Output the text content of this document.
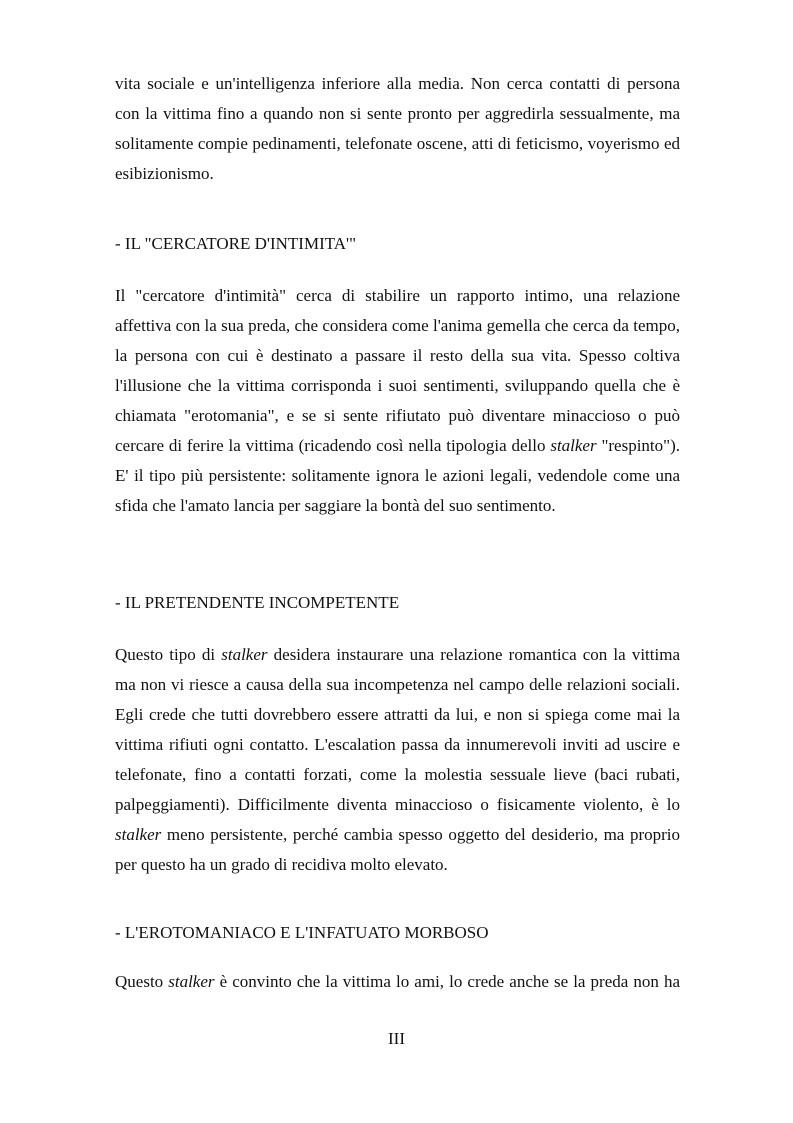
vita sociale e un'intelligenza inferiore alla media. Non cerca contatti di persona con la vittima fino a quando non si sente pronto per aggredirla sessualmente, ma solitamente compie pedinamenti, telefonate oscene, atti di feticismo, voyerismo ed esibizionismo.

- IL "CERCATORE D'INTIMITA'"

Il "cercatore d'intimità" cerca di stabilire un rapporto intimo, una relazione affettiva con la sua preda, che considera come l'anima gemella che cerca da tempo, la persona con cui è destinato a passare il resto della sua vita. Spesso coltiva l'illusione che la vittima corrisponda i suoi sentimenti, sviluppando quella che è chiamata "erotomania", e se si sente rifiutato può diventare minaccioso o può cercare di ferire la vittima (ricadendo così nella tipologia dello stalker "respinto"). E' il tipo più persistente: solitamente ignora le azioni legali, vedendole come una sfida che l'amato lancia per saggiare la bontà del suo sentimento.

- IL PRETENDENTE INCOMPETENTE

Questo tipo di stalker desidera instaurare una relazione romantica con la vittima ma non vi riesce a causa della sua incompetenza nel campo delle relazioni sociali. Egli crede che tutti dovrebbero essere attratti da lui, e non si spiega come mai la vittima rifiuti ogni contatto. L'escalation passa da innumerevoli inviti ad uscire e telefonate, fino a contatti forzati, come la molestia sessuale lieve (baci rubati, palpeggiamenti). Difficilmente diventa minaccioso o fisicamente violento, è lo stalker meno persistente, perché cambia spesso oggetto del desiderio, ma proprio per questo ha un grado di recidiva molto elevato.

- L'EROTOMANIACO E L'INFATUATO MORBOSO

Questo stalker è convinto che la vittima lo ami, lo crede anche se la preda non ha

III
